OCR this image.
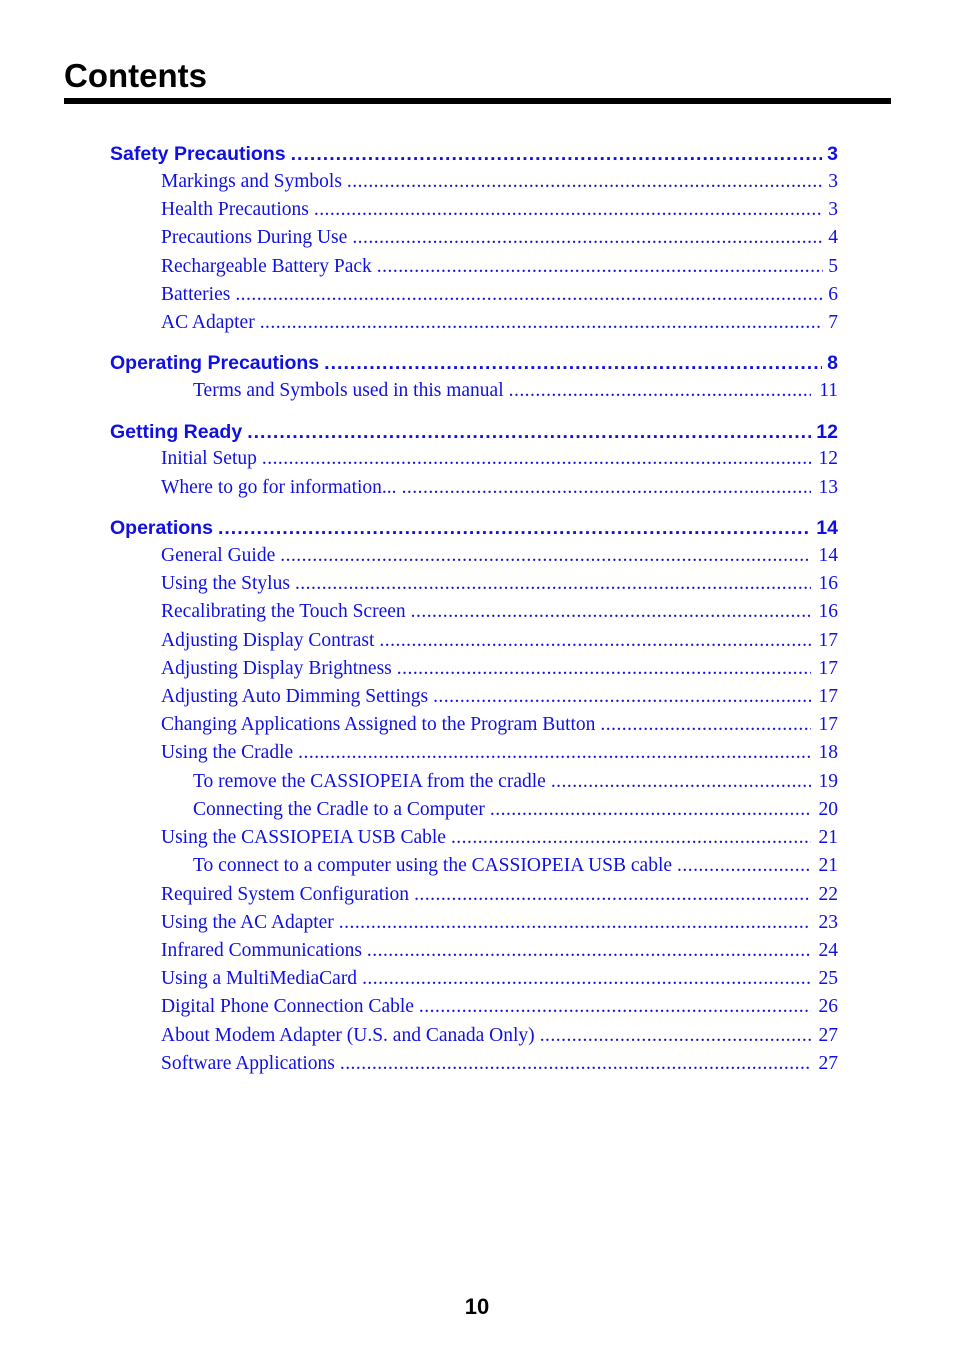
Contents
Safety Precautions . . .	3
Markings and Symbols . . .	3
Health Precautions . . .	3
Precautions During Use . . .	4
Rechargeable Battery Pack . . .	5
Batteries . . .	6
AC Adapter . . .	7
Operating Precautions . . .	8
Terms and Symbols used in this manual . . .	11
Getting Ready . . .	12
Initial Setup . . .	12
Where to go for information... . . .	13
Operations . . .	14
General Guide . . .	14
Using the Stylus . . .	16
Recalibrating the Touch Screen . . .	16
Adjusting Display Contrast . . .	17
Adjusting Display Brightness . . .	17
Adjusting Auto Dimming Settings . . .	17
Changing Applications Assigned to the Program Button . . .	17
Using the Cradle . . .	18
To remove the CASSIOPEIA from the cradle . . .	19
Connecting the Cradle to a Computer . . .	20
Using the CASSIOPEIA USB Cable . . .	21
To connect to a computer using the CASSIOPEIA USB cable . . .	21
Required System Configuration . . .	22
Using the AC Adapter . . .	23
Infrared Communications . . .	24
Using a MultiMediaCard . . .	25
Digital Phone Connection Cable . . .	26
About Modem Adapter (U.S. and Canada Only) . . .	27
Software Applications . . .	27
10
